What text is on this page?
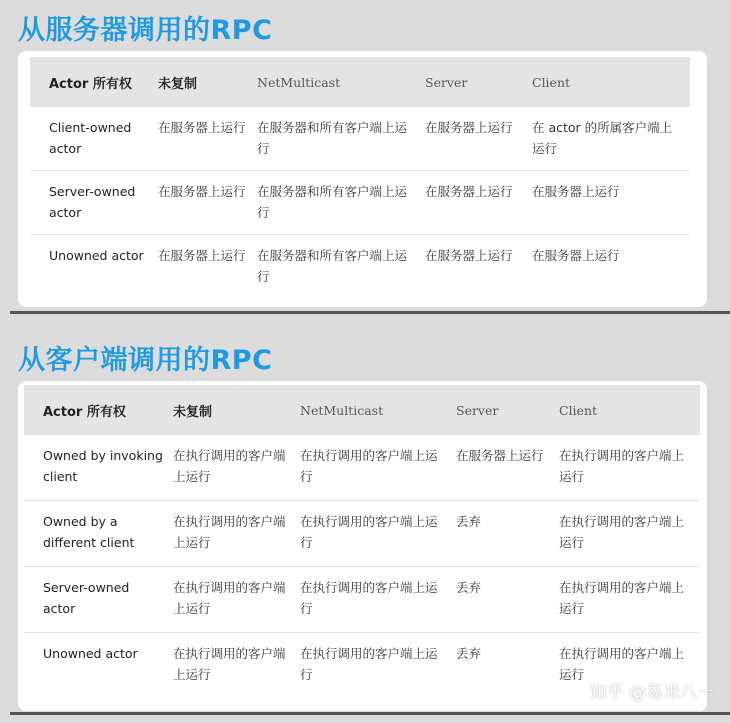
从服务器调用的RPC
Actor 所有权	未复制	NetMulticast	Server	Client
Client-owned actor	在服务器上运行	在服务器和所有客户端上运行	在服务器上运行	在 actor 的所属客户端上运行
Server-owned actor	在服务器上运行	在服务器和所有客户端上运行	在服务器上运行	在服务器上运行
Unowned actor	在服务器上运行	在服务器和所有客户端上运行	在服务器上运行	在服务器上运行
从客户端调用的RPC
Actor 所有权	未复制	NetMulticast	Server	Client
Owned by invoking client	在执行调用的客户端上运行	在执行调用的客户端上运行	在服务器上运行	在执行调用的客户端上运行
Owned by a different client	在执行调用的客户端上运行	在执行调用的客户端上运行	丢弃	在执行调用的客户端上运行
Server-owned actor	在执行调用的客户端上运行	在执行调用的客户端上运行	丢弃	在执行调用的客户端上运行
Unowned actor	在执行调用的客户端上运行	在执行调用的客户端上运行	丢弃	在执行调用的客户端上运行
知乎 @易米八一
